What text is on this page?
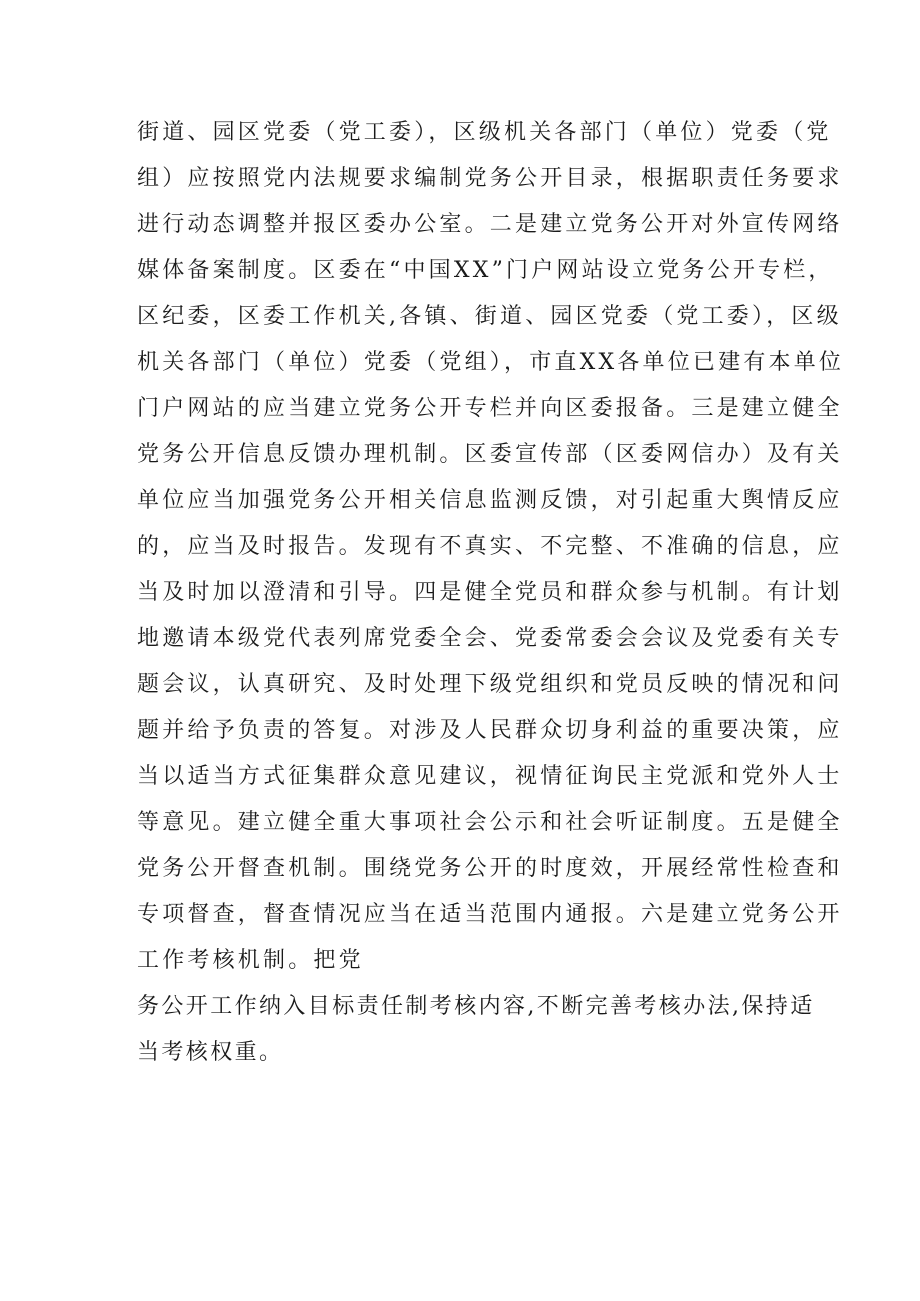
街道、园区党委（党工委），区级机关各部门（单位）党委（党
组）应按照党内法规要求编制党务公开目录，根据职责任务要求
进行动态调整并报区委办公室。二是建立党务公开对外宣传网络
媒体备案制度。区委在“中国XX”门户网站设立党务公开专栏，
区纪委，区委工作机关,各镇、街道、园区党委（党工委），区级
机关各部门（单位）党委（党组），市直XX各单位已建有本单位
门户网站的应当建立党务公开专栏并向区委报备。三是建立健全
党务公开信息反馈办理机制。区委宣传部（区委网信办）及有关
单位应当加强党务公开相关信息监测反馈，对引起重大舆情反应
的，应当及时报告。发现有不真实、不完整、不准确的信息，应
当及时加以澄清和引导。四是健全党员和群众参与机制。有计划
地邀请本级党代表列席党委全会、党委常委会会议及党委有关专
题会议，认真研究、及时处理下级党组织和党员反映的情况和问
题并给予负责的答复。对涉及人民群众切身利益的重要决策，应
当以适当方式征集群众意见建议，视情征询民主党派和党外人士
等意见。建立健全重大事项社会公示和社会听证制度。五是健全
党务公开督查机制。围绕党务公开的时度效，开展经常性检查和
专项督查，督查情况应当在适当范围内通报。六是建立党务公开
工作考核机制。把党
务公开工作纳入目标责任制考核内容,不断完善考核办法,保持适
当考核权重。
